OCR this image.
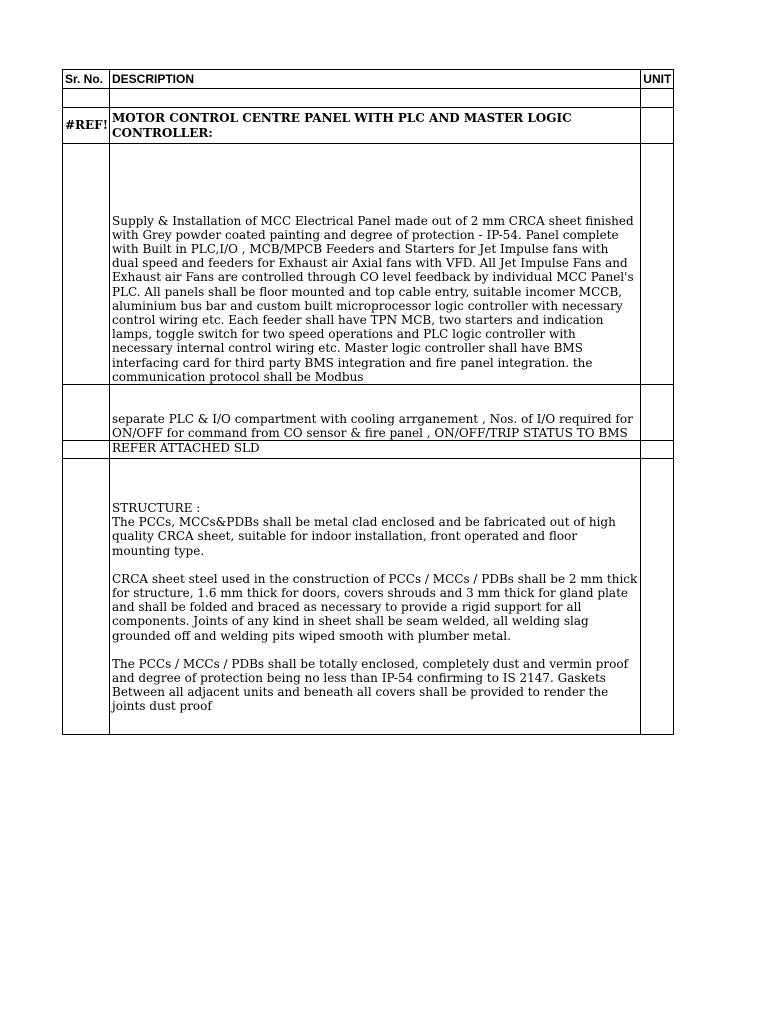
Sr. No.	DESCRIPTION	UNIT

#REF!	MOTOR CONTROL CENTRE PANEL WITH PLC AND MASTER LOGIC CONTROLLER:	

	Supply & Installation of MCC Electrical Panel made out of 2 mm CRCA sheet finished with Grey powder coated painting and degree of protection - IP-54. Panel complete with Built in PLC,I/O , MCB/MPCB Feeders and Starters for Jet Impulse fans with dual speed and feeders for Exhaust air Axial fans with VFD. All Jet Impulse Fans and Exhaust air Fans are controlled through CO level feedback by individual MCC Panel's PLC. All panels shall be floor mounted and top cable entry, suitable incomer MCCB, aluminium bus bar and custom built microprocessor logic controller with necessary control wiring etc. Each feeder shall have TPN MCB, two starters and indication lamps, toggle switch for two speed operations and PLC logic controller with necessary internal control wiring etc. Master logic controller shall have BMS interfacing card for third party BMS integration and fire panel integration. the communication protocol shall be Modbus	

	separate PLC & I/O compartment with cooling arrganement , Nos. of I/O required for ON/OFF for command from CO sensor & fire panel , ON/OFF/TRIP STATUS TO BMS	

	REFER ATTACHED SLD	

	STRUCTURE :

The PCCs, MCCs&PDBs shall be metal clad enclosed and be fabricated out of high quality CRCA sheet, suitable for indoor installation, front operated and floor mounting type.

CRCA sheet steel used in the construction of PCCs / MCCs / PDBs shall be 2 mm thick for structure, 1.6 mm thick for doors, covers shrouds and 3 mm thick for gland plate and shall be folded and braced as necessary to provide a rigid support for all components. Joints of any kind in sheet shall be seam welded, all welding slag grounded off and welding pits wiped smooth with plumber metal.

The PCCs / MCCs / PDBs shall be totally enclosed, completely dust and vermin proof and degree of protection being no less than IP-54 confirming to IS 2147. Gaskets Between all adjacent units and beneath all covers shall be provided to render the joints dust proof	
